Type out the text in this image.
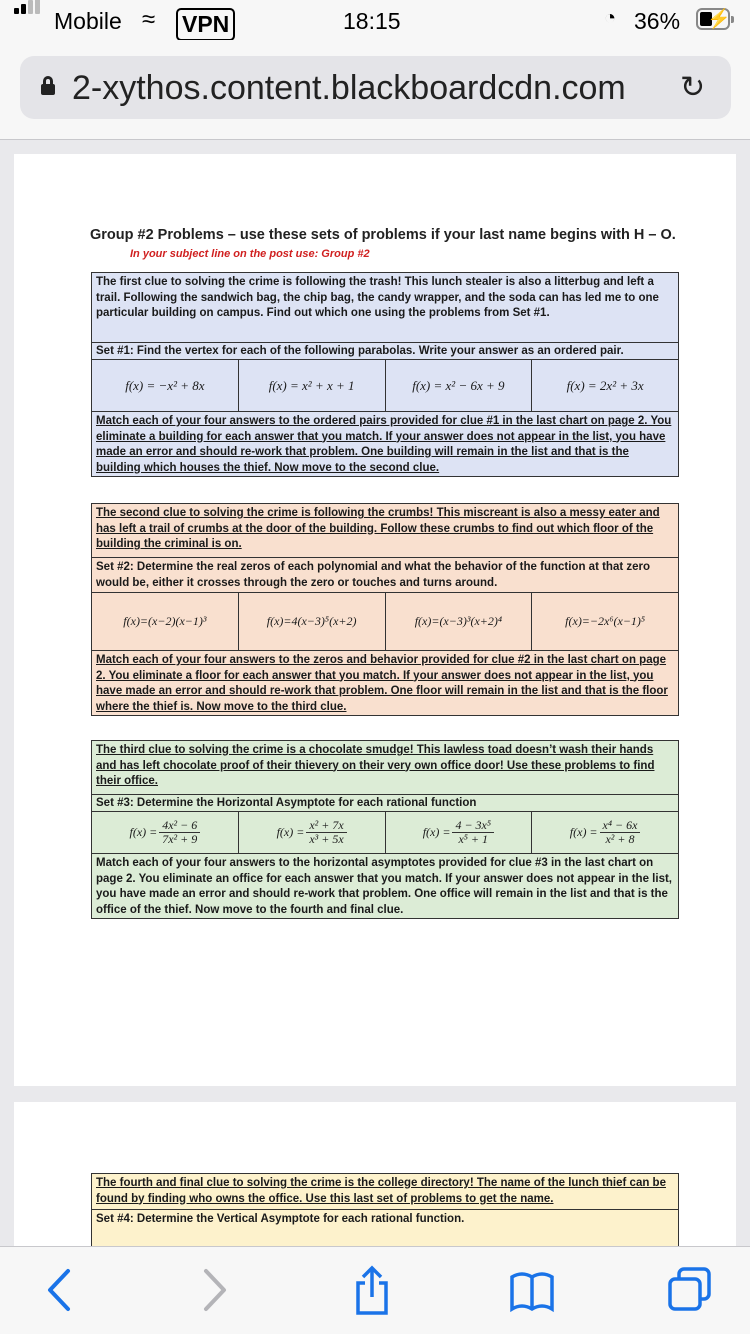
Mobile ≈ VPN	18:15	◔ 36% ⚡
2-xythos.content.blackboardcdn.com ↻
Group #2 Problems – use these sets of problems if your last name begins with H – O.
In your subject line on the post use: Group #2
The first clue to solving the crime is following the trash! This lunch stealer is also a litterbug and left a trail. Following the sandwich bag, the chip bag, the candy wrapper, and the soda can has led me to one particular building on campus. Find out which one using the problems from Set #1.
Set #1: Find the vertex for each of the following parabolas. Write your answer as an ordered pair.
f(x) = −x² + 8x	f(x) = x² + x + 1	f(x) = x² − 6x + 9	f(x) = 2x² + 3x
Match each of your four answers to the ordered pairs provided for clue #1 in the last chart on page 2. You eliminate a building for each answer that you match. If your answer does not appear in the list, you have made an error and should re-work that problem. One building will remain in the list and that is the building which houses the thief. Now move to the second clue.
The second clue to solving the crime is following the crumbs! This miscreant is also a messy eater and has left a trail of crumbs at the door of the building. Follow these crumbs to find out which floor of the building the criminal is on.
Set #2: Determine the real zeros of each polynomial and what the behavior of the function at that zero would be, either it crosses through the zero or touches and turns around.
f(x)=(x−2)(x−1)³	f(x)=4(x−3)⁵(x+2)	f(x)=(x−3)³(x+2)⁴	f(x)=−2x⁶(x−1)⁵
Match each of your four answers to the zeros and behavior provided for clue #2 in the last chart on page 2. You eliminate a floor for each answer that you match. If your answer does not appear in the list, you have made an error and should re-work that problem. One floor will remain in the list and that is the floor where the thief is. Now move to the third clue.
The third clue to solving the crime is a chocolate smudge! This lawless toad doesn’t wash their hands and has left chocolate proof of their thievery on their very own office door! Use these problems to find their office.
Set #3: Determine the Horizontal Asymptote for each rational function
$f(x) = \frac{\text{4x² − 6}}{\text{7x² + 9}}$	$f(x) = \frac{\text{x² + 7x}}{\text{x³ + 5x}}$	$f(x) = \frac{\text{4 − 3x⁵}}{\text{x⁵ + 1}}$	$f(x) = \frac{\text{x⁴ − 6x}}{\text{x² + 8}}$
Match each of your four answers to the horizontal asymptotes provided for clue #3 in the last chart on page 2. You eliminate an office for each answer that you match. If your answer does not appear in the list, you have made an error and should re-work that problem. One office will remain in the list and that is the office of the thief. Now move to the fourth and final clue.
The fourth and final clue to solving the crime is the college directory! The name of the lunch thief can be found by finding who owns the office. Use this last set of problems to get the name.
Set #4: Determine the Vertical Asymptote for each rational function.
